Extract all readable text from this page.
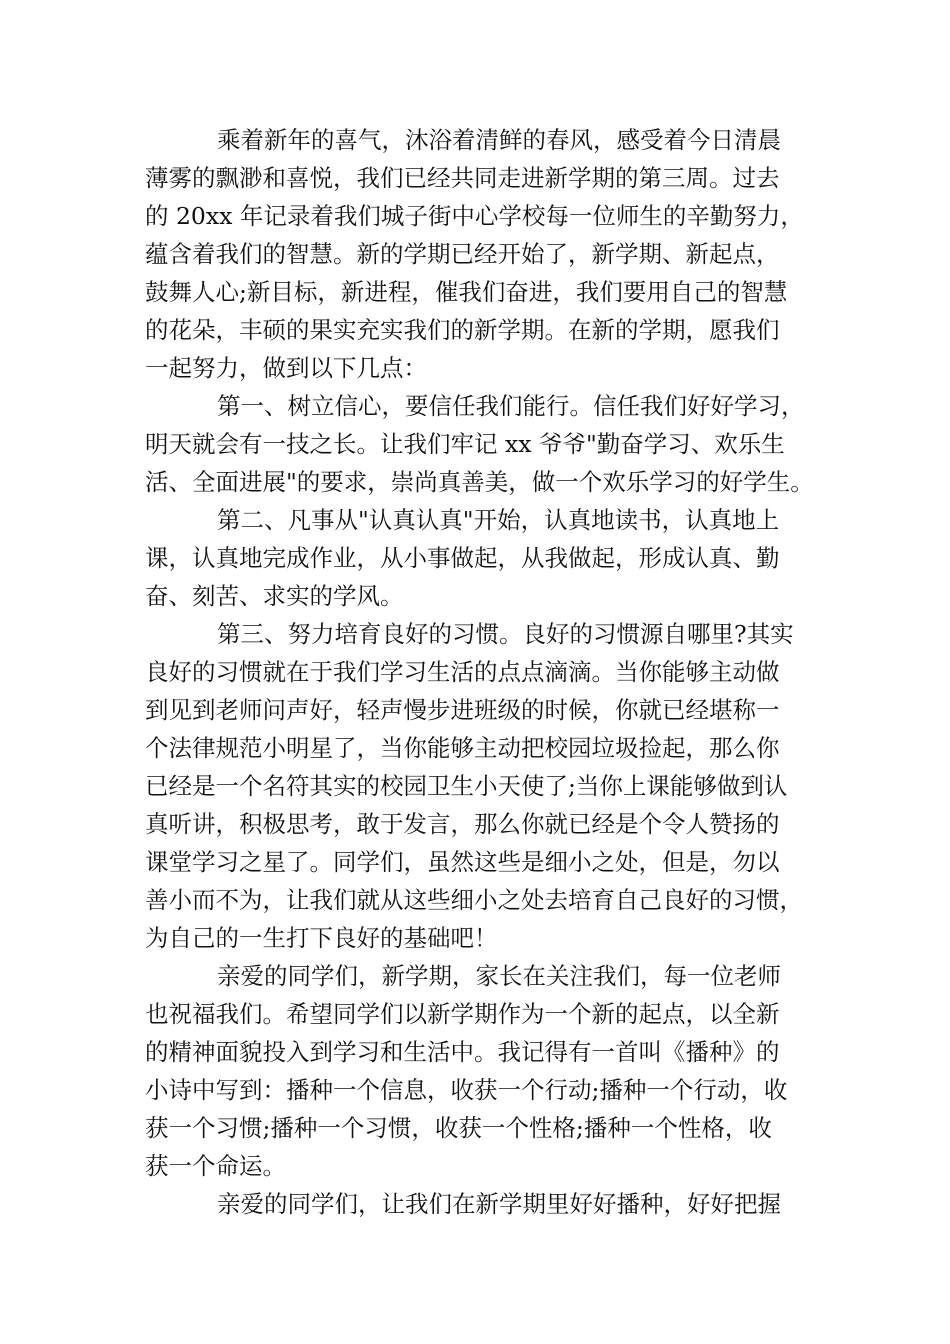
乘着新年的喜气，沐浴着清鲜的春风，感受着今日清晨
薄雾的飘渺和喜悦，我们已经共同走进新学期的第三周。过去
的 20xx 年记录着我们城子街中心学校每一位师生的辛勤努力，
蕴含着我们的智慧。新的学期已经开始了，新学期、新起点，
鼓舞人心;新目标，新进程，催我们奋进，我们要用自己的智慧
的花朵，丰硕的果实充实我们的新学期。在新的学期，愿我们
一起努力，做到以下几点：
第一、树立信心，要信任我们能行。信任我们好好学习，
明天就会有一技之长。让我们牢记 xx 爷爷"勤奋学习、欢乐生
活、全面进展"的要求，崇尚真善美，做一个欢乐学习的好学生。
第二、凡事从"认真认真"开始，认真地读书，认真地上
课，认真地完成作业，从小事做起，从我做起，形成认真、勤
奋、刻苦、求实的学风。
第三、努力培育良好的习惯。良好的习惯源自哪里?其实
良好的习惯就在于我们学习生活的点点滴滴。当你能够主动做
到见到老师问声好，轻声慢步进班级的时候，你就已经堪称一
个法律规范小明星了，当你能够主动把校园垃圾捡起，那么你
已经是一个名符其实的校园卫生小天使了;当你上课能够做到认
真听讲，积极思考，敢于发言，那么你就已经是个令人赞扬的
课堂学习之星了。同学们，虽然这些是细小之处，但是，勿以
善小而不为，让我们就从这些细小之处去培育自己良好的习惯，
为自己的一生打下良好的基础吧！
亲爱的同学们，新学期，家长在关注我们，每一位老师
也祝福我们。希望同学们以新学期作为一个新的起点，以全新
的精神面貌投入到学习和生活中。我记得有一首叫《播种》的
小诗中写到：播种一个信息，收获一个行动;播种一个行动，收
获一个习惯;播种一个习惯，收获一个性格;播种一个性格，收
获一个命运。
亲爱的同学们，让我们在新学期里好好播种，好好把握
